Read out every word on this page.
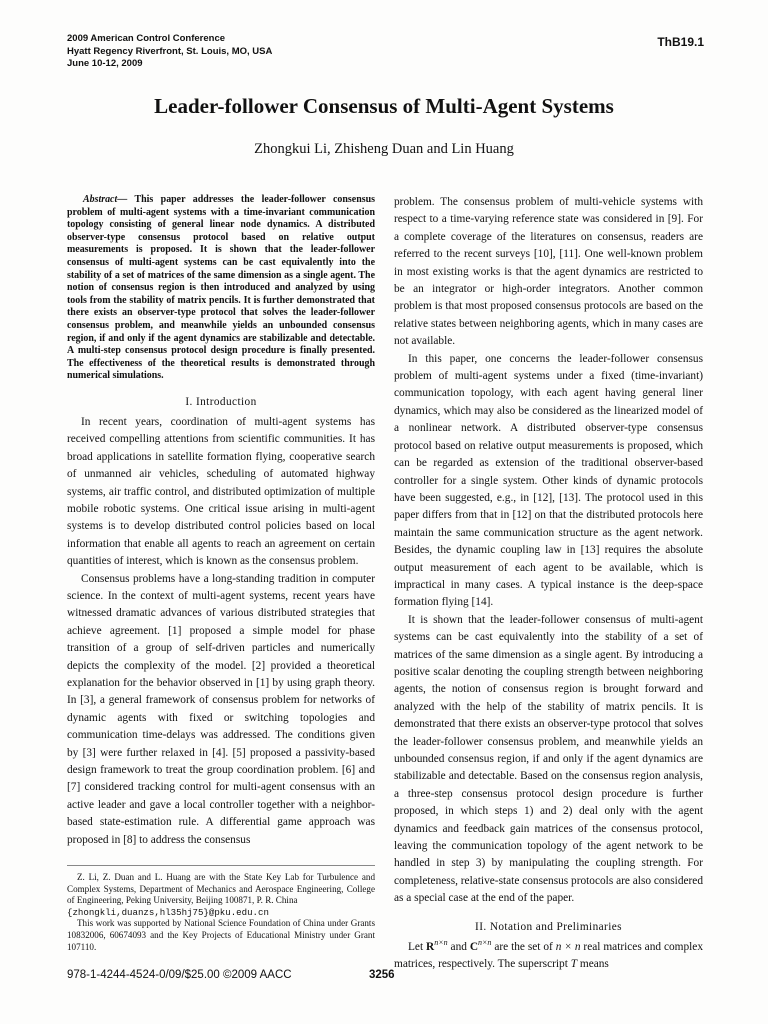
2009 American Control Conference
Hyatt Regency Riverfront, St. Louis, MO, USA
June 10-12, 2009
ThB19.1
Leader-follower Consensus of Multi-Agent Systems
Zhongkui Li, Zhisheng Duan and Lin Huang

Abstract— This paper addresses the leader-follower consensus problem of multi-agent systems with a time-invariant communication topology consisting of general linear node dynamics. A distributed observer-type consensus protocol based on relative output measurements is proposed. It is shown that the leader-follower consensus of multi-agent systems can be cast equivalently into the stability of a set of matrices of the same dimension as a single agent. The notion of consensus region is then introduced and analyzed by using tools from the stability of matrix pencils. It is further demonstrated that there exists an observer-type protocol that solves the leader-follower consensus problem, and meanwhile yields an unbounded consensus region, if and only if the agent dynamics are stabilizable and detectable. A multi-step consensus protocol design procedure is finally presented. The effectiveness of the theoretical results is demonstrated through numerical simulations.

I. Introduction

In recent years, coordination of multi-agent systems has received compelling attentions from scientific communities. It has broad applications in satellite formation flying, cooperative search of unmanned air vehicles, scheduling of automated highway systems, air traffic control, and distributed optimization of multiple mobile robotic systems. One critical issue arising in multi-agent systems is to develop distributed control policies based on local information that enable all agents to reach an agreement on certain quantities of interest, which is known as the consensus problem.

Consensus problems have a long-standing tradition in computer science. In the context of multi-agent systems, recent years have witnessed dramatic advances of various distributed strategies that achieve agreement. [1] proposed a simple model for phase transition of a group of self-driven particles and numerically depicts the complexity of the model. [2] provided a theoretical explanation for the behavior observed in [1] by using graph theory. In [3], a general framework of consensus problem for networks of dynamic agents with fixed or switching topologies and communication time-delays was addressed. The conditions given by [3] were further relaxed in [4]. [5] proposed a passivity-based design framework to treat the group coordination problem. [6] and [7] considered tracking control for multi-agent consensus with an active leader and gave a local controller together with a neighbor-based state-estimation rule. A differential game approach was proposed in [8] to address the consensus

Z. Li, Z. Duan and L. Huang are with the State Key Lab for Turbulence and Complex Systems, Department of Mechanics and Aerospace Engineering, College of Engineering, Peking University, Beijing 100871, P. R. China

{zhongkli,duanzs,hl35hj75}@pku.edu.cn

This work was supported by National Science Foundation of China under Grants 10832006, 60674093 and the Key Projects of Educational Ministry under Grant 107110.

problem. The consensus problem of multi-vehicle systems with respect to a time-varying reference state was considered in [9]. For a complete coverage of the literatures on consensus, readers are referred to the recent surveys [10], [11]. One well-known problem in most existing works is that the agent dynamics are restricted to be an integrator or high-order integrators. Another common problem is that most proposed consensus protocols are based on the relative states between neighboring agents, which in many cases are not available.

In this paper, one concerns the leader-follower consensus problem of multi-agent systems under a fixed (time-invariant) communication topology, with each agent having general liner dynamics, which may also be considered as the linearized model of a nonlinear network. A distributed observer-type consensus protocol based on relative output measurements is proposed, which can be regarded as extension of the traditional observer-based controller for a single system. Other kinds of dynamic protocols have been suggested, e.g., in [12], [13]. The protocol used in this paper differs from that in [12] on that the distributed protocols here maintain the same communication structure as the agent network. Besides, the dynamic coupling law in [13] requires the absolute output measurement of each agent to be available, which is impractical in many cases. A typical instance is the deep-space formation flying [14].

It is shown that the leader-follower consensus of multi-agent systems can be cast equivalently into the stability of a set of matrices of the same dimension as a single agent. By introducing a positive scalar denoting the coupling strength between neighboring agents, the notion of consensus region is brought forward and analyzed with the help of the stability of matrix pencils. It is demonstrated that there exists an observer-type protocol that solves the leader-follower consensus problem, and meanwhile yields an unbounded consensus region, if and only if the agent dynamics are stabilizable and detectable. Based on the consensus region analysis, a three-step consensus protocol design procedure is further proposed, in which steps 1) and 2) deal only with the agent dynamics and feedback gain matrices of the consensus protocol, leaving the communication topology of the agent network to be handled in step 3) by manipulating the coupling strength. For completeness, relative-state consensus protocols are also considered as a special case at the end of the paper.

II. Notation and Preliminaries

Let $R^{n\times n}$ and $C^{n\times n}$ are the set of n × n real matrices and complex matrices, respectively. The superscript T means

978-1-4244-4524-0/09/$25.00 ©2009 AACC	3256
